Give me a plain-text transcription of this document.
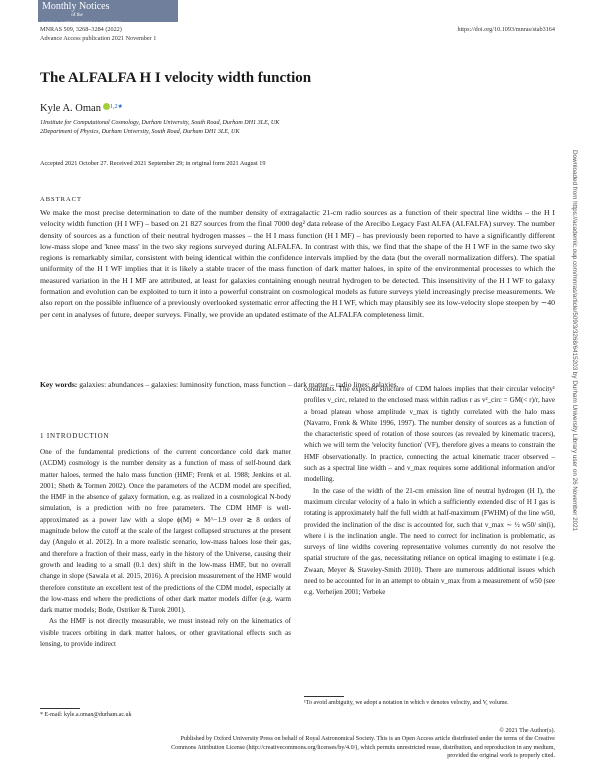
Monthly Notices
of the
ROYAL ASTRONOMICAL SOCIETY
MNRAS 509, 3268–3284 (2022)
Advance Access publication 2021 November 1
https://doi.org/10.1093/mnras/stab3164
The ALFALFA H I velocity width function
Kyle A. Oman $^{1,2★}$
1Institute for Computational Cosmology, Durham University, South Road, Durham DH1 3LE, UK
2Department of Physics, Durham University, South Road, Durham DH1 3LE, UK
Accepted 2021 October 27. Received 2021 September 29; in original form 2021 August 19
ABSTRACT
We make the most precise determination to date of the number density of extragalactic 21-cm radio sources as a function of their spectral line widths – the H I velocity width function (H I WF) – based on 21 827 sources from the final 7000 deg² data release of the Arecibo Legacy Fast ALFA (ALFALFA) survey. The number density of sources as a function of their neutral hydrogen masses – the H I mass function (H I MF) – has previously been reported to have a significantly different low-mass slope and 'knee mass' in the two sky regions surveyed during ALFALFA. In contrast with this, we find that the shape of the H I WF in the same two sky regions is remarkably similar, consistent with being identical within the confidence intervals implied by the data (but the overall normalization differs). The spatial uniformity of the H I WF implies that it is likely a stable tracer of the mass function of dark matter haloes, in spite of the environmental processes to which the measured variation in the H I MF are attributed, at least for galaxies containing enough neutral hydrogen to be detected. This insensitivity of the H I WF to galaxy formation and evolution can be exploited to turn it into a powerful constraint on cosmological models as future surveys yield increasingly precise measurements. We also report on the possible influence of a previously overlooked systematic error affecting the H I WF, which may plausibly see its low-velocity slope steepen by ∼40 per cent in analyses of future, deeper surveys. Finally, we provide an updated estimate of the ALFALFA completeness limit.
Key words: galaxies: abundances – galaxies: luminosity function, mass function – dark matter – radio lines: galaxies.
1 INTRODUCTION
One of the fundamental predictions of the current concordance cold dark matter (ΛCDM) cosmology is the number density as a function of mass of self-bound dark matter haloes, termed the halo mass function (HMF; Frenk et al. 1988; Jenkins et al. 2001; Sheth & Tormen 2002). Once the parameters of the ΛCDM model are specified, the HMF in the absence of galaxy formation, e.g. as realized in a cosmological N-body simulation, is a prediction with no free parameters. The CDM HMF is well-approximated as a power law with a slope ϕ(M) ∝ M^−1.9 over ≳ 8 orders of magnitude below the cutoff at the scale of the largest collapsed structures at the present day (Angulo et al. 2012). In a more realistic scenario, low-mass haloes lose their gas, and therefore a fraction of their mass, early in the history of the Universe, causing their growth and leading to a small (0.1 dex) shift in the low-mass HMF, but no overall change in slope (Sawala et al. 2015, 2016). A precision measurement of the HMF would therefore constitute an excellent test of the predictions of the CDM model, especially at the low-mass end where the predictions of other dark matter models differ (e.g. warm dark matter models; Bode, Ostriker & Turok 2001).
As the HMF is not directly measurable, we must instead rely on the kinematics of visible tracers orbiting in dark matter haloes, or other gravitational effects such as lensing, to provide indirect
constraints. The expected structure of CDM haloes implies that their circular velocity¹ profiles v_circ, related to the enclosed mass within radius r as v²_circ = GM(< r)/r, have a broad plateau whose amplitude v_max is tightly correlated with the halo mass (Navarro, Frenk & White 1996, 1997). The number density of sources as a function of the characteristic speed of rotation of those sources (as revealed by kinematic tracers), which we will term the 'velocity function' (VF), therefore gives a means to constrain the HMF observationally. In practice, connecting the actual kinematic tracer observed – such as a spectral line width – and v_max requires some additional information and/or modelling.
In the case of the width of the 21-cm emission line of neutral hydrogen (H I), the maximum circular velocity of a halo in which a sufficiently extended disc of H I gas is rotating is approximately half the full width at half-maximum (FWHM) of the line w50, provided the inclination of the disc is accounted for, such that v_max ∼ ½ w50/ sin(i), where i is the inclination angle. The need to correct for inclination is problematic, as surveys of line widths covering representative volumes currently do not resolve the spatial structure of the gas, necessitating reliance on optical imaging to estimate i (e.g. Zwaan, Meyer & Staveley-Smith 2010). There are numerous additional issues which need to be accounted for in an attempt to obtain v_max from a measurement of w50 (see e.g. Verheijen 2001; Verbeke
* E-mail: kyle.a.oman@durham.ac.uk
¹To avoid ambiguity, we adopt a notation in which v denotes velocity, and V, volume.
© 2021 The Author(s).
Published by Oxford University Press on behalf of Royal Astronomical Society. This is an Open Access article distributed under the terms of the Creative
Commons Attribution License (http://creativecommons.org/licenses/by/4.0/), which permits unrestricted reuse, distribution, and reproduction in any medium,
provided the original work is properly cited.
Downloaded from https://academic.oup.com/mnras/article/509/3/3268/6415203 by Durham University Library user on 26 November 2021
